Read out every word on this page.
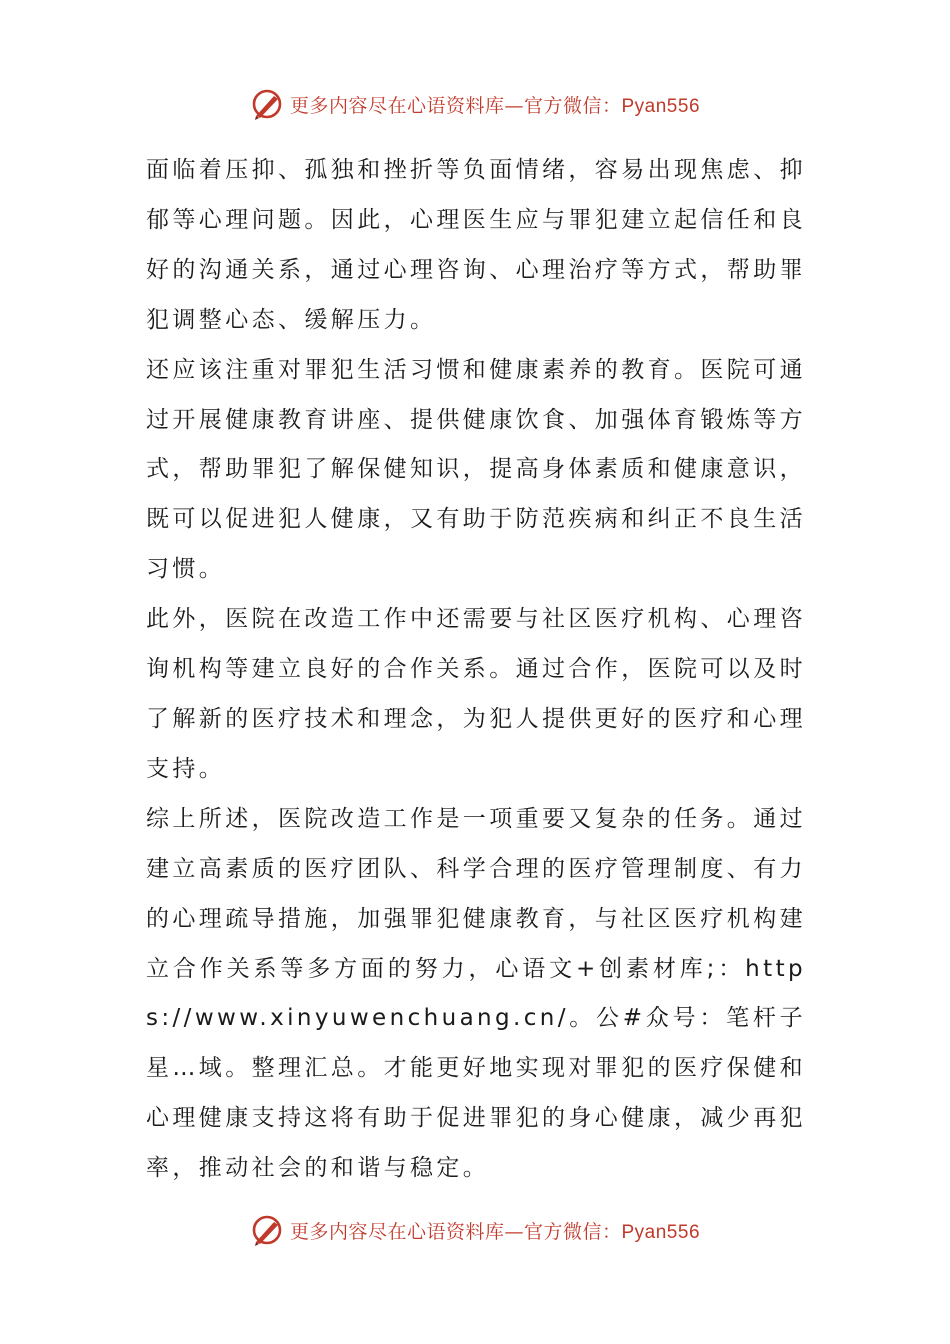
更多内容尽在心语资料库—官方微信：Pyan556

面临着压抑、孤独和挫折等负面情绪，容易出现焦虑、抑郁等心理问题。因此，心理医生应与罪犯建立起信任和良好的沟通关系，通过心理咨询、心理治疗等方式，帮助罪犯调整心态、缓解压力。

还应该注重对罪犯生活习惯和健康素养的教育。医院可通过开展健康教育讲座、提供健康饮食、加强体育锻炼等方式，帮助罪犯了解保健知识，提高身体素质和健康意识，既可以促进犯人健康，又有助于防范疾病和纠正不良生活习惯。

此外，医院在改造工作中还需要与社区医疗机构、心理咨询机构等建立良好的合作关系。通过合作，医院可以及时了解新的医疗技术和理念，为犯人提供更好的医疗和心理支持。

综上所述，医院改造工作是一项重要又复杂的任务。通过建立高素质的医疗团队、科学合理的医疗管理制度、有力的心理疏导措施，加强罪犯健康教育，与社区医疗机构建立合作关系等多方面的努力，心语文+创素材库;：https://www.xinyuwenchuang.cn/。公#众号：笔杆子星…域。整理汇总。才能更好地实现对罪犯的医疗保健和心理健康支持这将有助于促进罪犯的身心健康，减少再犯率，推动社会的和谐与稳定。

更多内容尽在心语资料库—官方微信：Pyan556
